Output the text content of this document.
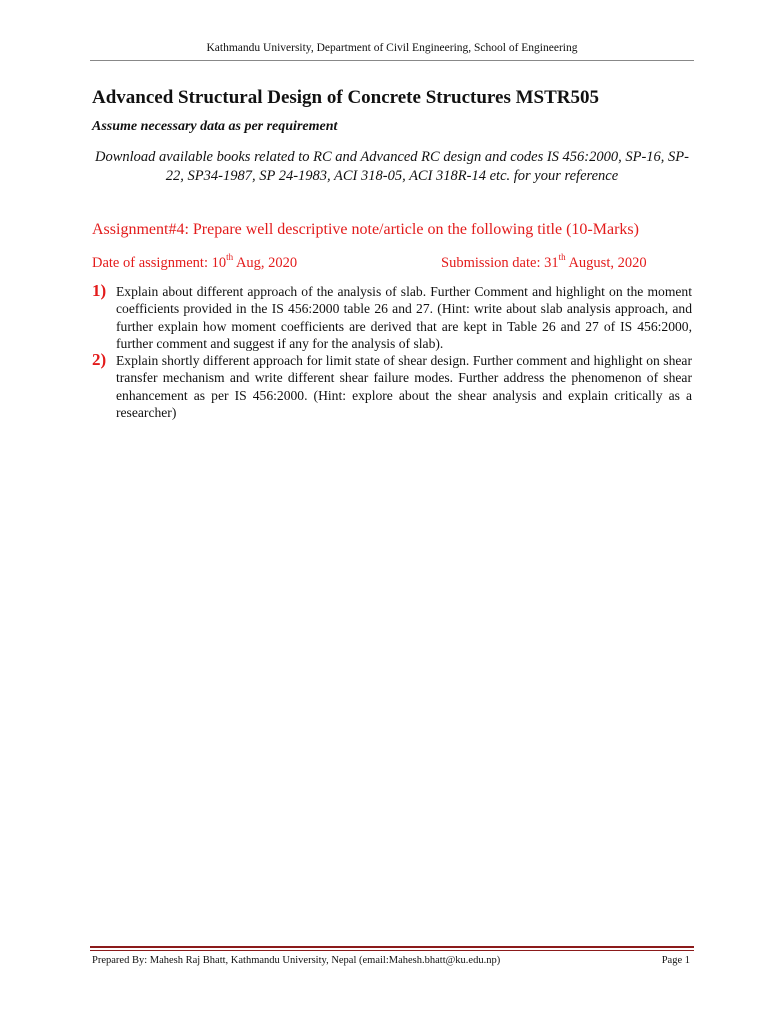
Kathmandu University, Department of Civil Engineering, School of Engineering
Advanced Structural Design of Concrete Structures MSTR505
Assume necessary data as per requirement
Download available books related to RC and Advanced RC design and codes IS 456:2000, SP-16, SP-22, SP34-1987, SP 24-1983, ACI 318-05, ACI 318R-14 etc. for your reference
Assignment#4: Prepare well descriptive note/article on the following title (10-Marks)
Date of assignment: 10th Aug, 2020	Submission date: 31th August, 2020
1) Explain about different approach of the analysis of slab. Further Comment and highlight on the moment coefficients provided in the IS 456:2000 table 26 and 27. (Hint: write about slab analysis approach, and further explain how moment coefficients are derived that are kept in Table 26 and 27 of IS 456:2000, further comment and suggest if any for the analysis of slab).
2) Explain shortly different approach for limit state of shear design. Further comment and highlight on shear transfer mechanism and write different shear failure modes. Further address the phenomenon of shear enhancement as per IS 456:2000. (Hint: explore about the shear analysis and explain critically as a researcher)
Prepared By: Mahesh Raj Bhatt, Kathmandu University, Nepal (email:Mahesh.bhatt@ku.edu.np)	Page 1
